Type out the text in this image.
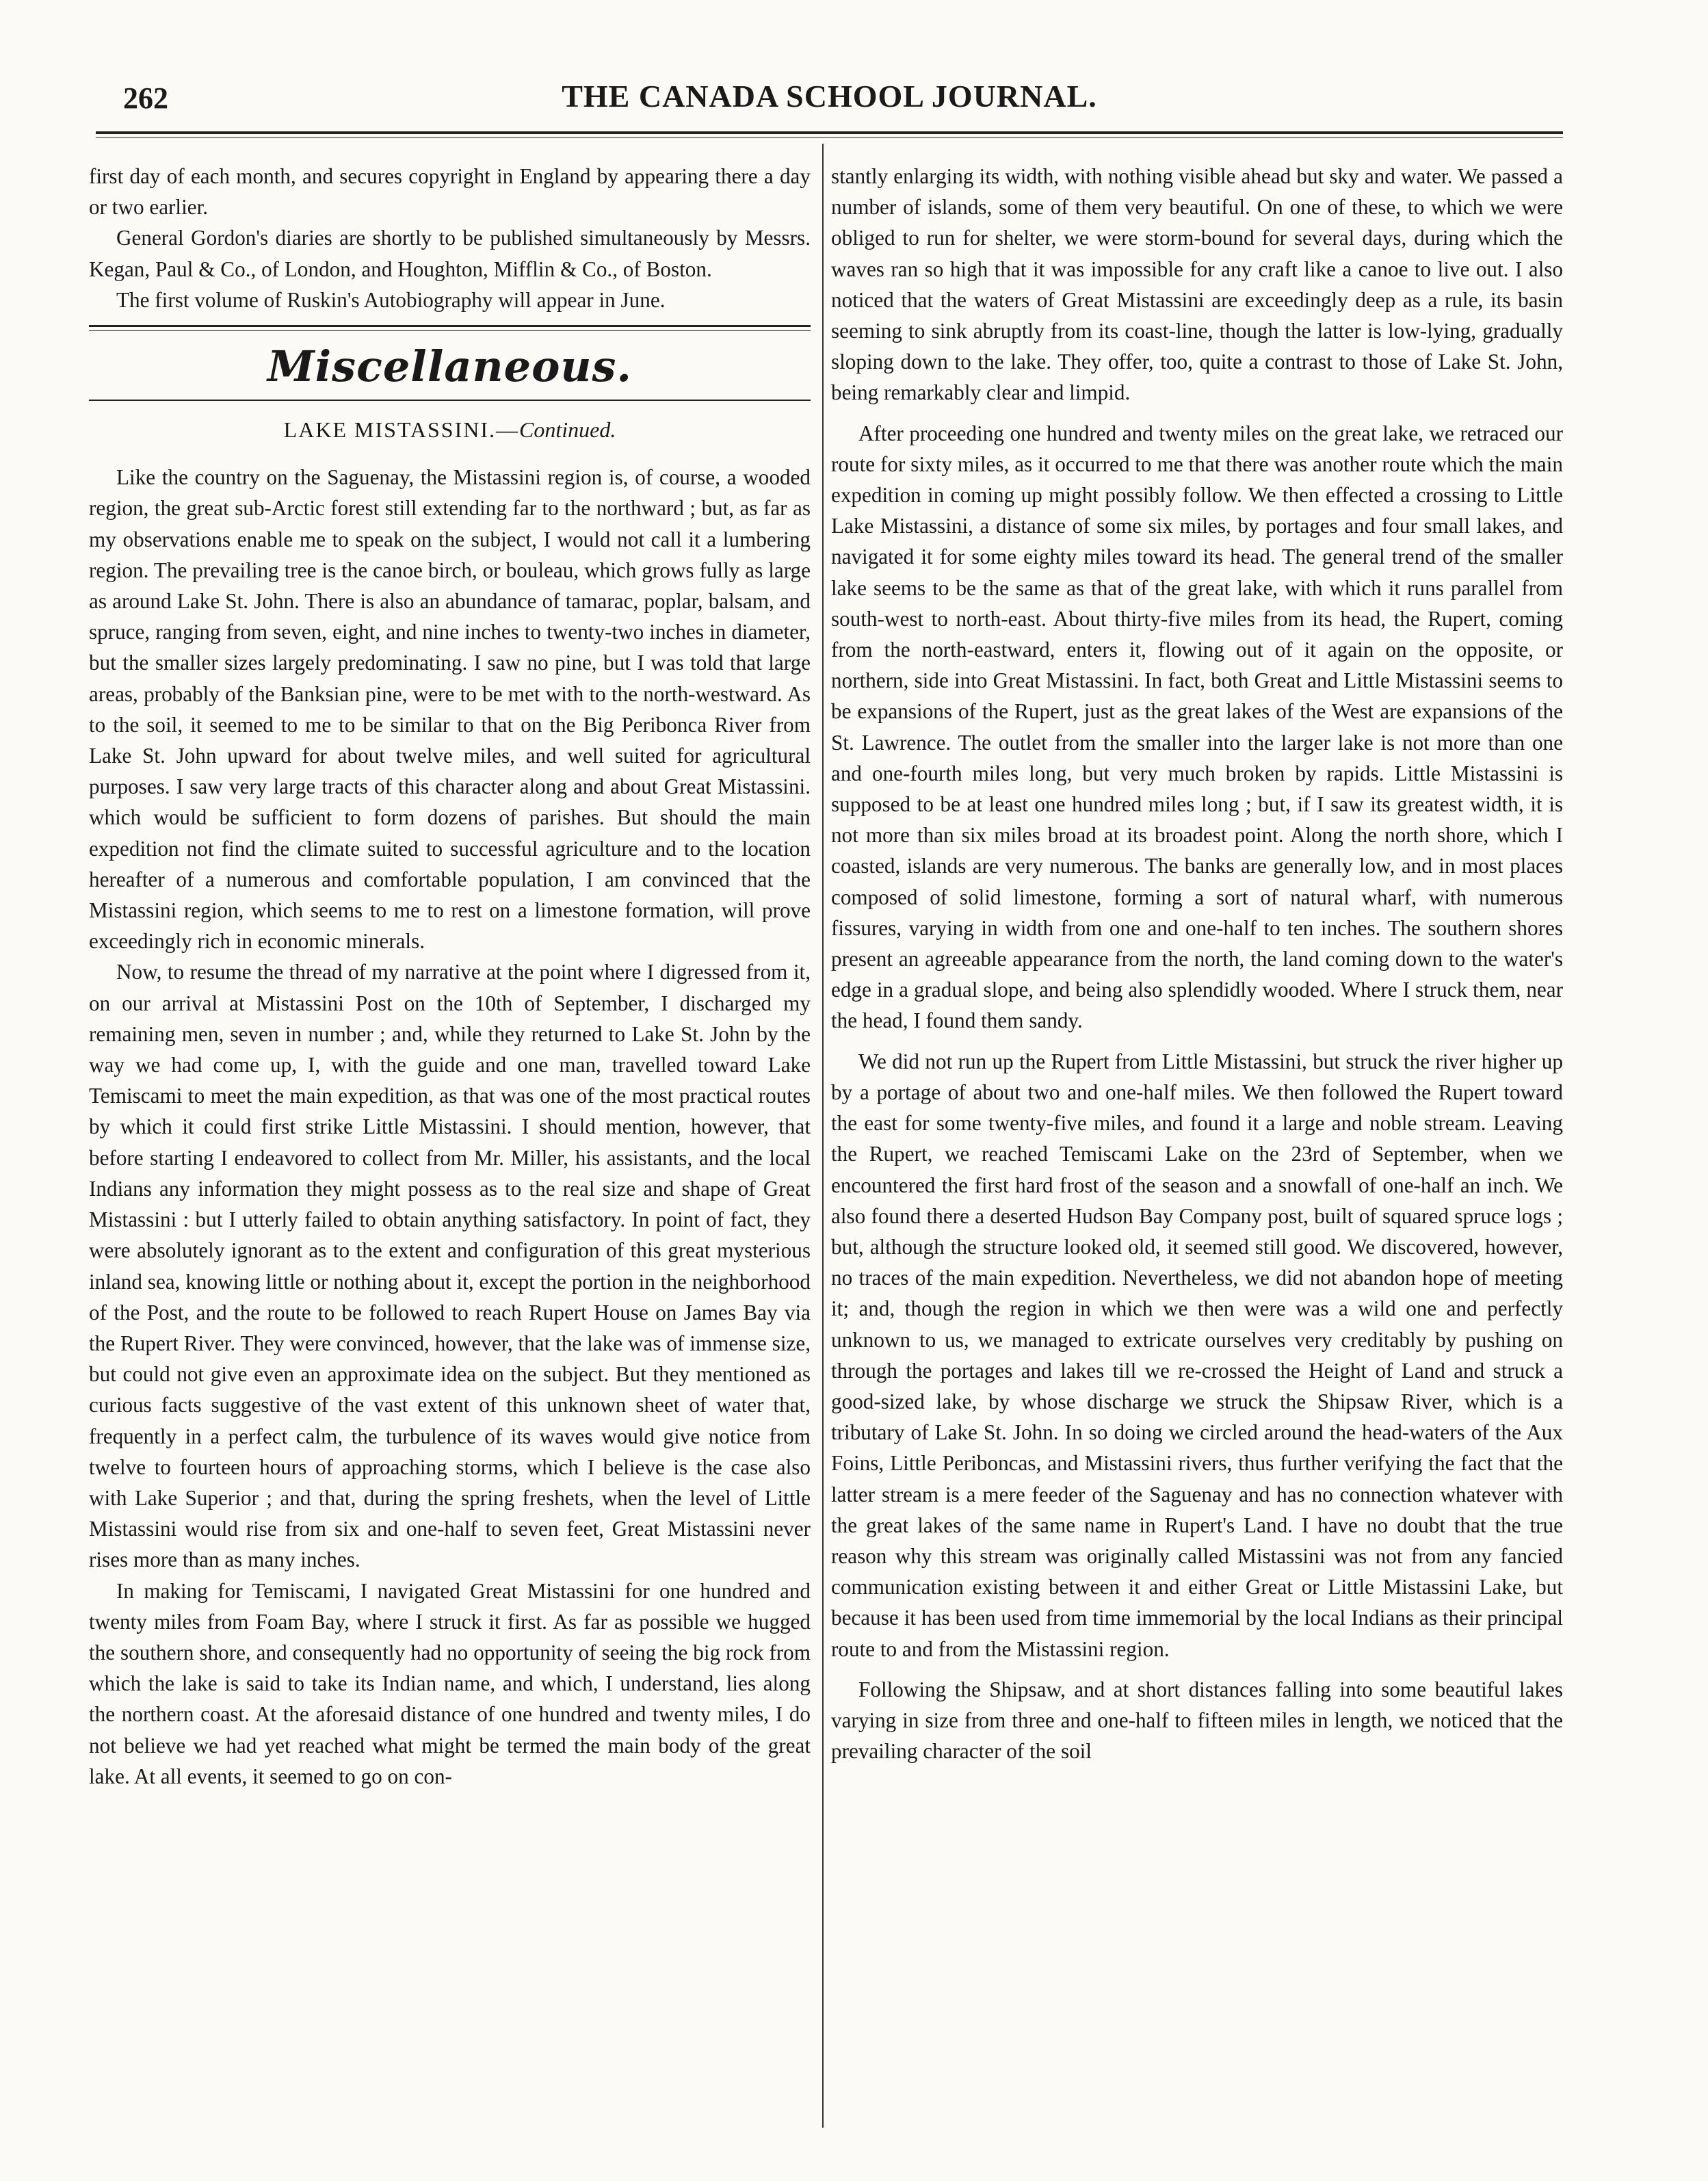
262	THE CANADA SCHOOL JOURNAL.

first day of each month, and secures copyright in England by appearing there a day or two earlier.

General Gordon's diaries are shortly to be published simultaneously by Messrs. Kegan, Paul & Co., of London, and Houghton, Mifflin & Co., of Boston.

The first volume of Ruskin's Autobiography will appear in June.

Miscellaneous.
LAKE MISTASSINI.—Continued.

Like the country on the Saguenay, the Mistassini region is, of course, a wooded region, the great sub-Arctic forest still extending far to the northward ; but, as far as my observations enable me to speak on the subject, I would not call it a lumbering region. The prevailing tree is the canoe birch, or bouleau, which grows fully as large as around Lake St. John. There is also an abundance of tamarac, poplar, balsam, and spruce, ranging from seven, eight, and nine inches to twenty-two inches in diameter, but the smaller sizes largely predominating. I saw no pine, but I was told that large areas, probably of the Banksian pine, were to be met with to the north-westward. As to the soil, it seemed to me to be similar to that on the Big Peribonca River from Lake St. John upward for about twelve miles, and well suited for agricultural purposes. I saw very large tracts of this character along and about Great Mistassini. which would be sufficient to form dozens of parishes. But should the main expedition not find the climate suited to successful agriculture and to the location hereafter of a numerous and comfortable population, I am convinced that the Mistassini region, which seems to me to rest on a limestone formation, will prove exceedingly rich in economic minerals.

Now, to resume the thread of my narrative at the point where I digressed from it, on our arrival at Mistassini Post on the 10th of September, I discharged my remaining men, seven in number ; and, while they returned to Lake St. John by the way we had come up, I, with the guide and one man, travelled toward Lake Temiscami to meet the main expedition, as that was one of the most practical routes by which it could first strike Little Mistassini. I should mention, however, that before starting I endeavored to collect from Mr. Miller, his assistants, and the local Indians any information they might possess as to the real size and shape of Great Mistassini : but I utterly failed to obtain anything satisfactory. In point of fact, they were absolutely ignorant as to the extent and configuration of this great mysterious inland sea, knowing little or nothing about it, except the portion in the neighborhood of the Post, and the route to be followed to reach Rupert House on James Bay via the Rupert River. They were convinced, however, that the lake was of immense size, but could not give even an approximate idea on the subject. But they mentioned as curious facts suggestive of the vast extent of this unknown sheet of water that, frequently in a perfect calm, the turbulence of its waves would give notice from twelve to fourteen hours of approaching storms, which I believe is the case also with Lake Superior ; and that, during the spring freshets, when the level of Little Mistassini would rise from six and one-half to seven feet, Great Mistassini never rises more than as many inches.

In making for Temiscami, I navigated Great Mistassini for one hundred and twenty miles from Foam Bay, where I struck it first. As far as possible we hugged the southern shore, and consequently had no opportunity of seeing the big rock from which the lake is said to take its Indian name, and which, I understand, lies along the northern coast. At the aforesaid distance of one hundred and twenty miles, I do not believe we had yet reached what might be termed the main body of the great lake. At all events, it seemed to go on con-

stantly enlarging its width, with nothing visible ahead but sky and water. We passed a number of islands, some of them very beautiful. On one of these, to which we were obliged to run for shelter, we were storm-bound for several days, during which the waves ran so high that it was impossible for any craft like a canoe to live out. I also noticed that the waters of Great Mistassini are exceedingly deep as a rule, its basin seeming to sink abruptly from its coast-line, though the latter is low-lying, gradually sloping down to the lake. They offer, too, quite a contrast to those of Lake St. John, being remarkably clear and limpid.

After proceeding one hundred and twenty miles on the great lake, we retraced our route for sixty miles, as it occurred to me that there was another route which the main expedition in coming up might possibly follow. We then effected a crossing to Little Lake Mistassini, a distance of some six miles, by portages and four small lakes, and navigated it for some eighty miles toward its head. The general trend of the smaller lake seems to be the same as that of the great lake, with which it runs parallel from south-west to north-east. About thirty-five miles from its head, the Rupert, coming from the north-eastward, enters it, flowing out of it again on the opposite, or northern, side into Great Mistassini. In fact, both Great and Little Mistassini seems to be expansions of the Rupert, just as the great lakes of the West are expansions of the St. Lawrence. The outlet from the smaller into the larger lake is not more than one and one-fourth miles long, but very much broken by rapids. Little Mistassini is supposed to be at least one hundred miles long ; but, if I saw its greatest width, it is not more than six miles broad at its broadest point. Along the north shore, which I coasted, islands are very numerous. The banks are generally low, and in most places composed of solid limestone, forming a sort of natural wharf, with numerous fissures, varying in width from one and one-half to ten inches. The southern shores present an agreeable appearance from the north, the land coming down to the water's edge in a gradual slope, and being also splendidly wooded. Where I struck them, near the head, I found them sandy.

We did not run up the Rupert from Little Mistassini, but struck the river higher up by a portage of about two and one-half miles. We then followed the Rupert toward the east for some twenty-five miles, and found it a large and noble stream. Leaving the Rupert, we reached Temiscami Lake on the 23rd of September, when we encountered the first hard frost of the season and a snowfall of one-half an inch. We also found there a deserted Hudson Bay Company post, built of squared spruce logs ; but, although the structure looked old, it seemed still good. We discovered, however, no traces of the main expedition. Nevertheless, we did not abandon hope of meeting it; and, though the region in which we then were was a wild one and perfectly unknown to us, we managed to extricate ourselves very creditably by pushing on through the portages and lakes till we re-crossed the Height of Land and struck a good-sized lake, by whose discharge we struck the Shipsaw River, which is a tributary of Lake St. John. In so doing we circled around the head-waters of the Aux Foins, Little Periboncas, and Mistassini rivers, thus further verifying the fact that the latter stream is a mere feeder of the Saguenay and has no connection whatever with the great lakes of the same name in Rupert's Land. I have no doubt that the true reason why this stream was originally called Mistassini was not from any fancied communication existing between it and either Great or Little Mistassini Lake, but because it has been used from time immemorial by the local Indians as their principal route to and from the Mistassini region.

Following the Shipsaw, and at short distances falling into some beautiful lakes varying in size from three and one-half to fifteen miles in length, we noticed that the prevailing character of the soil
